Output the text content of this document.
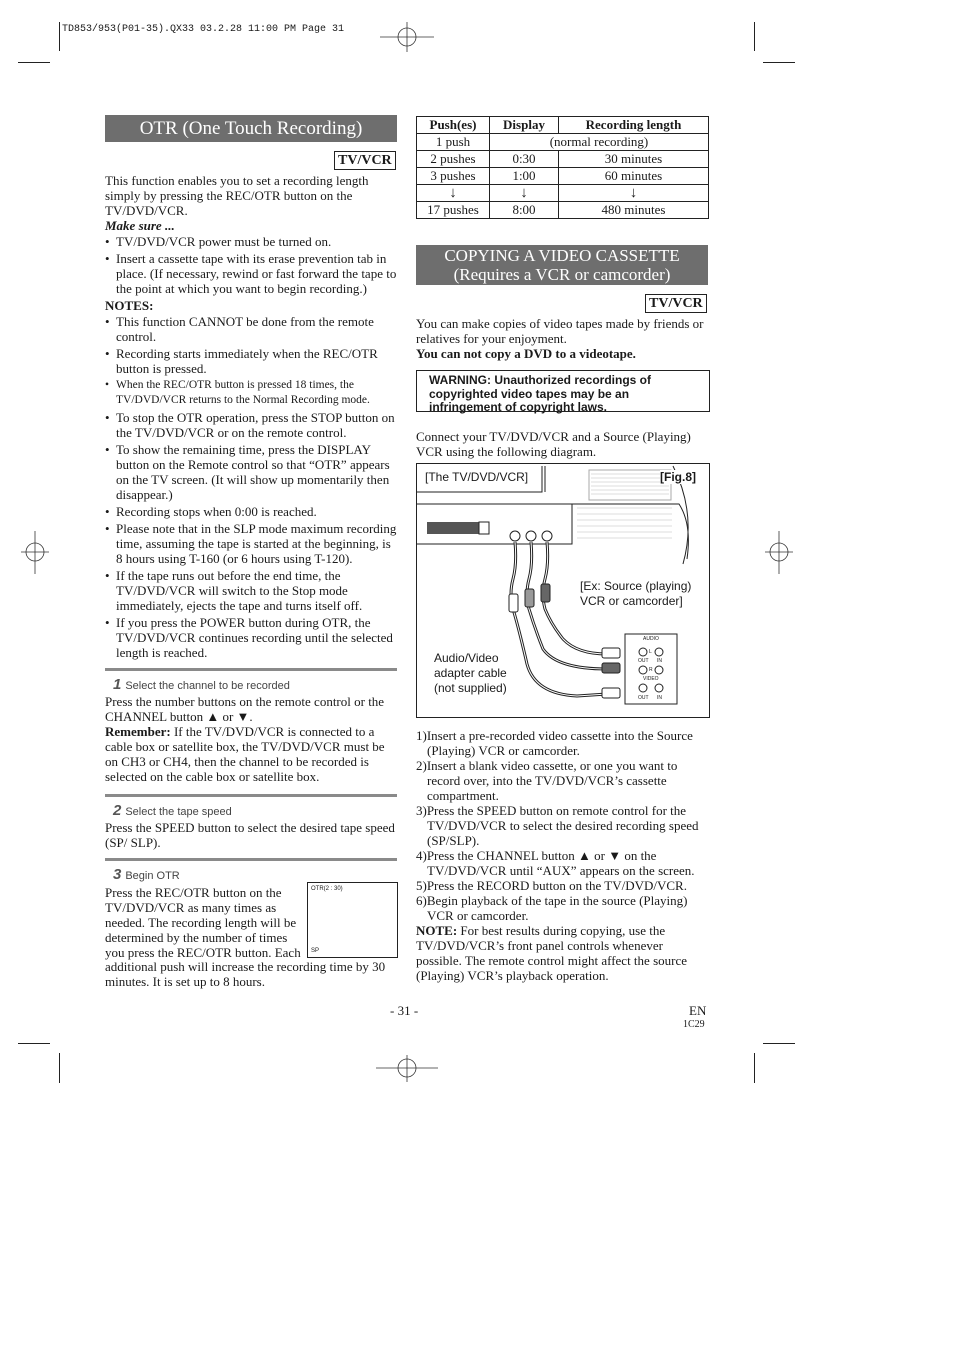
TD853/953(P01-35).QX33 03.2.28 11:00 PM Page 31
OTR (One Touch Recording)
TV/VCR

This function enables you to set a recording length simply by pressing the REC/OTR button on the TV/DVD/VCR.

Make sure ...

• TV/DVD/VCR power must be turned on.
• Insert a cassette tape with its erase prevention tab in place. (If necessary, rewind or fast forward the tape to the point at which you want to begin recording.)

NOTES:

• This function CANNOT be done from the remote control.
• Recording starts immediately when the REC/OTR button is pressed.
• When the REC/OTR button is pressed 18 times, the TV/DVD/VCR returns to the Normal Recording mode.
• To stop the OTR operation, press the STOP button on the TV/DVD/VCR or on the remote control.
• To show the remaining time, press the DISPLAY button on the Remote control so that “OTR” appears on the TV screen. (It will show up momentarily then disappear.)
• Recording stops when 0:00 is reached.
• Please note that in the SLP mode maximum recording time, assuming the tape is started at the beginning, is 8 hours using T-160 (or 6 hours using T-120).
• If the tape runs out before the end time, the TV/DVD/VCR will switch to the Stop mode immediately, ejects the tape and turns itself off.
• If you press the POWER button during OTR, the TV/DVD/VCR continues recording until the selected length is reached.
1 Select the channel to be recorded

Press the number buttons on the remote control or the CHANNEL button ▲ or ▼.

Remember: If the TV/DVD/VCR is connected to a cable box or satellite box, the TV/DVD/VCR must be on CH3 or CH4, then the channel to be recorded is selected on the cable box or satellite box.

2 Select the tape speed
Press the SPEED button to select the desired tape speed (SP/ SLP).
3 Begin OTR
Press the REC/OTR button on the TV/DVD/VCR as many times as needed. The recording length will be determined by the number of times you press the REC/OTR button. Each
additional push will increase the recording time by 30 minutes. It is set up to 8 hours.
OTR(2 : 30)
SP
Push(es)	Display	Recording length
1 push	(normal recording)	
2 pushes	0:30	30 minutes
3 pushes	1:00	60 minutes
↓	↓	↓
17 pushes	8:00	480 minutes
COPYING A VIDEO CASSETTE
(Requires a VCR or camcorder)
TV/VCR

You can make copies of video tapes made by friends or relatives for your enjoyment.

You can not copy a DVD to a videotape.

WARNING: Unauthorized recordings of copyrighted video tapes may be an infringement of copyright laws.
Connect your TV/DVD/VCR and a Source (Playing) VCR using the following diagram.
[The TV/DVD/VCR]	[Fig.8]
[Ex: Source (playing)
VCR or camcorder]
Audio/Video
adapter cable
(not supplied)
AUDIO
L
R
OUT IN
VIDEO
OUT IN
1)Insert a pre-recorded video cassette into the Source (Playing) VCR or camcorder.
2)Insert a blank video cassette, or one you want to record over, into the TV/DVD/VCR’s cassette compartment.
3)Press the SPEED button on remote control for the TV/DVD/VCR to select the desired recording speed (SP/SLP).
4)Press the CHANNEL button ▲ or ▼ on the TV/DVD/VCR until “AUX” appears on the screen.
5)Press the RECORD button on the TV/DVD/VCR.
6)Begin playback of the tape in the source (Playing) VCR or camcorder.

NOTE: For best results during copying, use the TV/DVD/VCR’s front panel controls whenever possible. The remote control might affect the source (Playing) VCR’s playback operation.

- 31 -	EN
1C29
